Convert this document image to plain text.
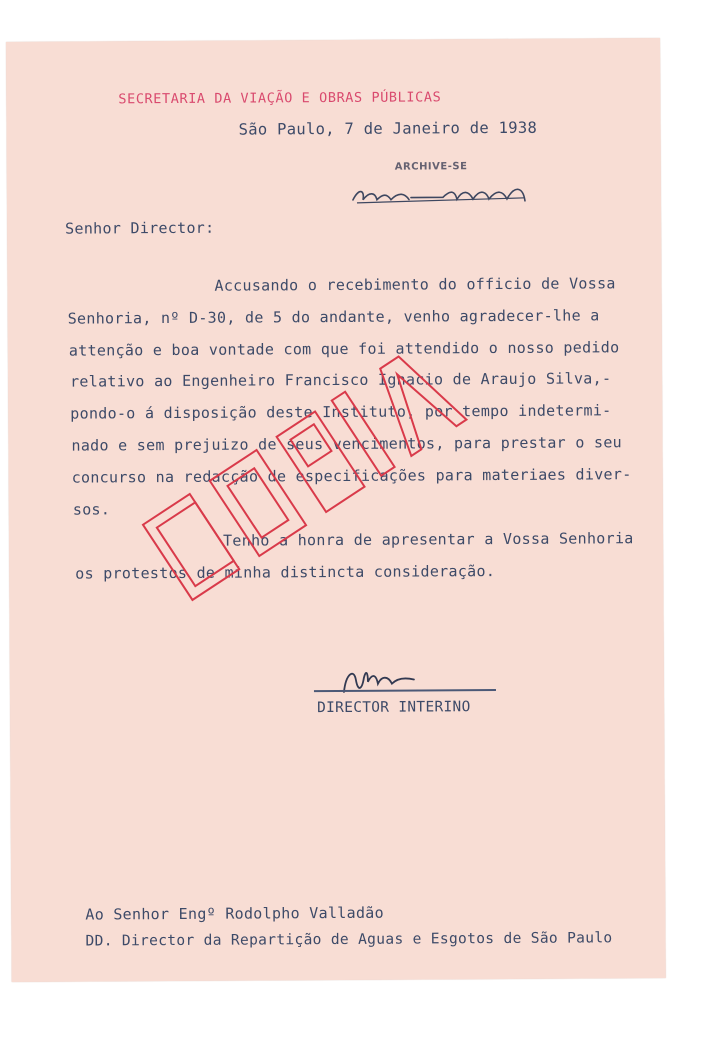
SECRETARIA DA VIAÇÃO E OBRAS PÚBLICAS
São Paulo, 7 de Janeiro de 1938
ARCHIVE-SE
Senhor Director:
Accusando o recebimento do officio de Vossa
Senhoria, nº D-30, de 5 do andante, venho agradecer-lhe a
attenção e boa vontade com que foi attendido o nosso pedido
relativo ao Engenheiro Francisco Ignacio de Araujo Silva,-
pondo-o á disposição deste Instituto, por tempo indetermi-
nado e sem prejuizo de seus vencimentos, para prestar o seu
concurso na redacção de especificações para materiaes diver-
sos.
Tenho a honra de apresentar a Vossa Senhoria
os protestos de minha distincta consideração.
DIRECTOR INTERINO
Ao Senhor Engº Rodolpho Valladão
DD. Director da Repartição de Aguas e Esgotos de São Paulo
